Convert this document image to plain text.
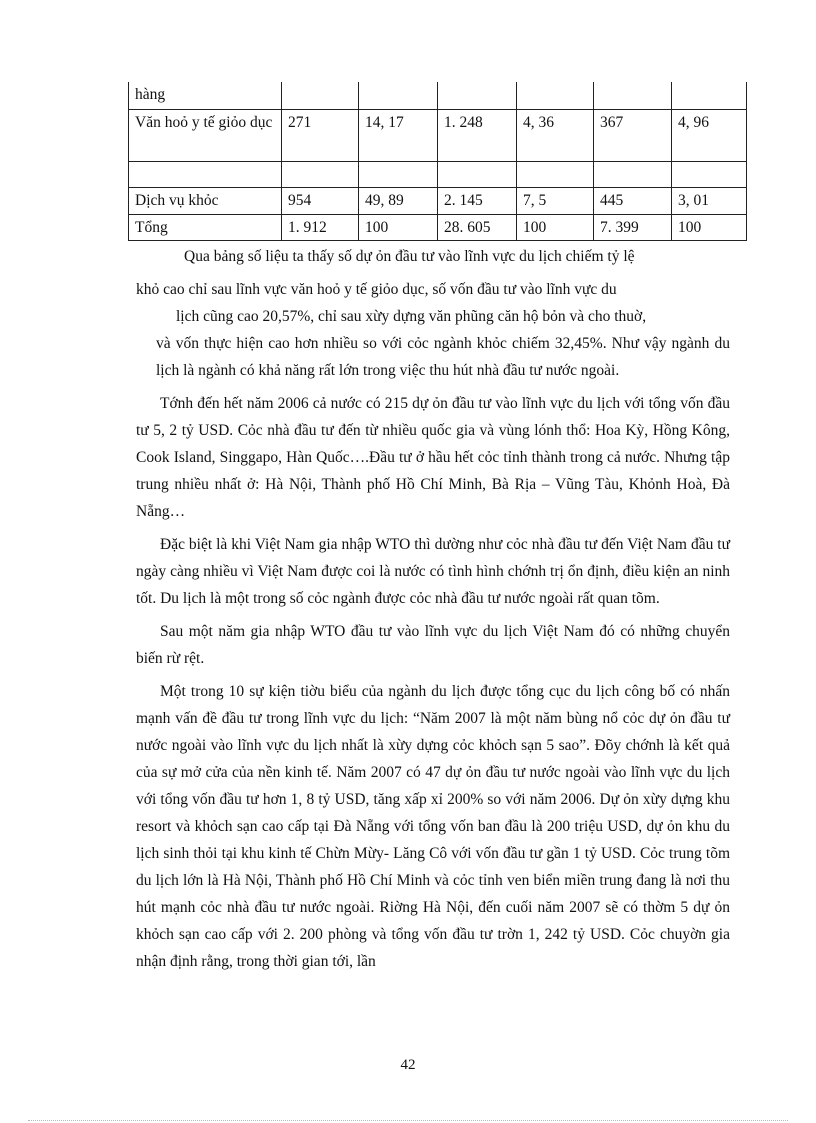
hàng						
Văn hoỏ y tế giỏo dục	271	14, 17	1. 248	4, 36	367	4, 96

Dịch vụ khỏc	954	49, 89	2. 145	7, 5	445	3, 01
Tổng	1. 912	100	28. 605	100	7. 399	100

Qua bảng số liệu ta thấy số dự ỏn đầu tư vào lĩnh vực du lịch chiếm tỷ lệ

khỏ cao chỉ sau lĩnh vực văn hoỏ y tế giỏo dục, số vốn đầu tư vào lĩnh vực du

lịch cũng cao 20,57%, chỉ sau xừy dựng văn phũng căn hộ bỏn và cho thuờ,

và vốn thực hiện cao hơn nhiều so với cỏc ngành khỏc chiếm 32,45%. Như vậy ngành du lịch là ngành có khả năng rất lớn trong việc thu hút nhà đầu tư nước ngoài.

Tớnh đến hết năm 2006 cả nước có 215 dự ỏn đầu tư vào lĩnh vực du lịch với tổng vốn đầu tư 5, 2 tỷ USD. Cỏc nhà đầu tư đến từ nhiều quốc gia và vùng lónh thổ: Hoa Kỳ, Hồng Kông, Cook Island, Singgapo, Hàn Quốc….Đầu tư ở hầu hết cỏc tỉnh thành trong cả nước. Nhưng tập trung nhiều nhất ở: Hà Nội, Thành phố Hồ Chí Minh, Bà Rịa – Vũng Tàu, Khỏnh Hoà, Đà Nẵng…

Đặc biệt là khi Việt Nam gia nhập WTO thì dường như cỏc nhà đầu tư đến Việt Nam đầu tư ngày càng nhiều vì Việt Nam được coi là nước có tình hình chớnh trị ổn định, điều kiện an ninh tốt. Du lịch là một trong số cỏc ngành được cỏc nhà đầu tư nước ngoài rất quan tõm.

Sau một năm gia nhập WTO đầu tư vào lĩnh vực du lịch Việt Nam đó có những chuyển biến rừ rệt.

Một trong 10 sự kiện tiờu biểu của ngành du lịch được tổng cục du lịch công bố có nhấn mạnh vấn đề đầu tư trong lĩnh vực du lịch: “Năm 2007 là một năm bùng nổ cỏc dự ỏn đầu tư nước ngoài vào lĩnh vực du lịch nhất là xừy dựng cỏc khỏch sạn 5 sao”. Đõy chớnh là kết quả của sự mở cửa của nền kinh tế. Năm 2007 có 47 dự ỏn đầu tư nước ngoài vào lĩnh vực du lịch với tổng vốn đầu tư hơn 1, 8 tỷ USD, tăng xấp xỉ 200% so với năm 2006. Dự ỏn xừy dựng khu resort và khỏch sạn cao cấp tại Đà Nẵng với tổng vốn ban đầu là 200 triệu USD, dự ỏn khu du lịch sinh thỏi tại khu kinh tế Chừn Mừy- Lăng Cô với vốn đầu tư gần 1 tỷ USD. Cỏc trung tõm du lịch lớn là Hà Nội, Thành phố Hồ Chí Minh và cỏc tỉnh ven biển miền trung đang là nơi thu hút mạnh cỏc nhà đầu tư nước ngoài. Riờng Hà Nội, đến cuối năm 2007 sẽ có thờm 5 dự ỏn khỏch sạn cao cấp với 2. 200 phòng và tổng vốn đầu tư trờn 1, 242 tỷ USD. Cỏc chuyờn gia nhận định rằng, trong thời gian tới, lần

42
